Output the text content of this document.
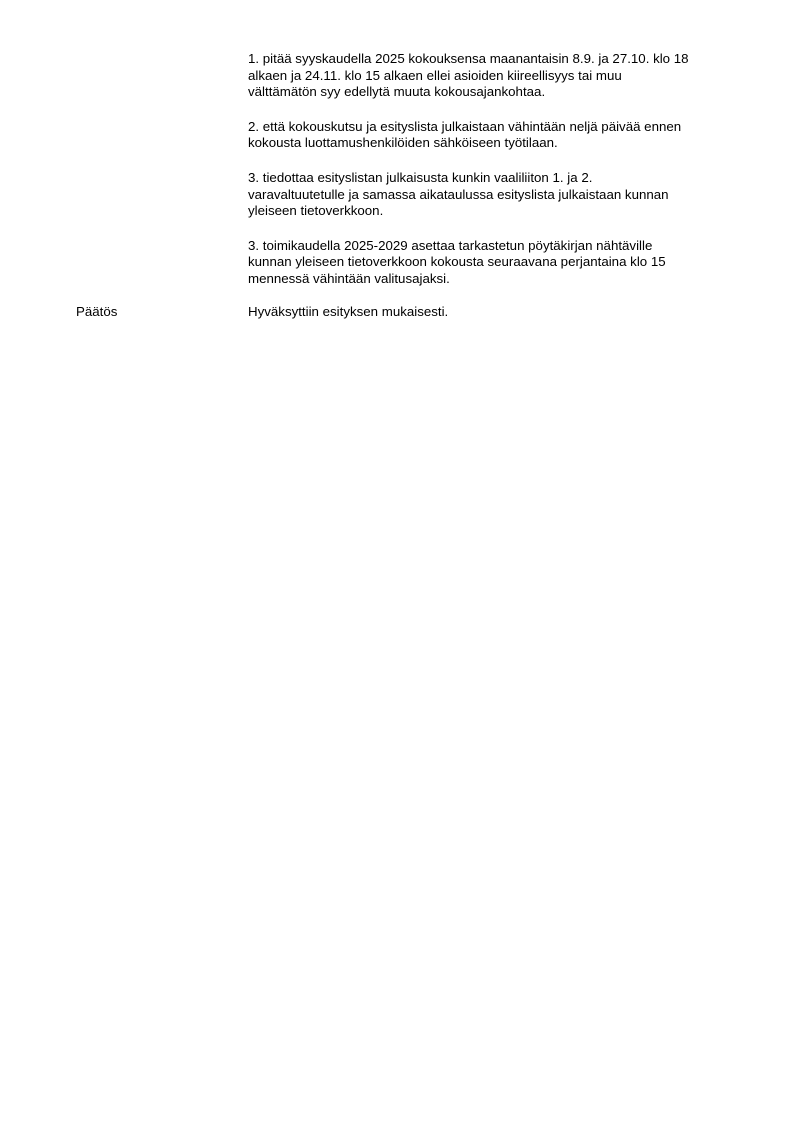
1. pitää syyskaudella 2025 kokouksensa maanantaisin 8.9. ja 27.10. klo 18
alkaen ja 24.11. klo 15 alkaen ellei asioiden kiireellisyys tai muu
välttämätön syy edellytä muuta kokousajankohtaa.

2. että kokouskutsu ja esityslista julkaistaan vähintään neljä päivää ennen
kokousta luottamushenkilöiden sähköiseen työtilaan.

3. tiedottaa esityslistan julkaisusta kunkin vaaliliiton 1. ja 2.
varavaltuutetulle ja samassa aikataulussa esityslista julkaistaan kunnan
yleiseen tietoverkkoon.

3. toimikaudella 2025-2029 asettaa tarkastetun pöytäkirjan nähtäville
kunnan yleiseen tietoverkkoon kokousta seuraavana perjantaina klo 15
mennessä vähintään valitusajaksi.

Päätös	Hyväksyttiin esityksen mukaisesti.
